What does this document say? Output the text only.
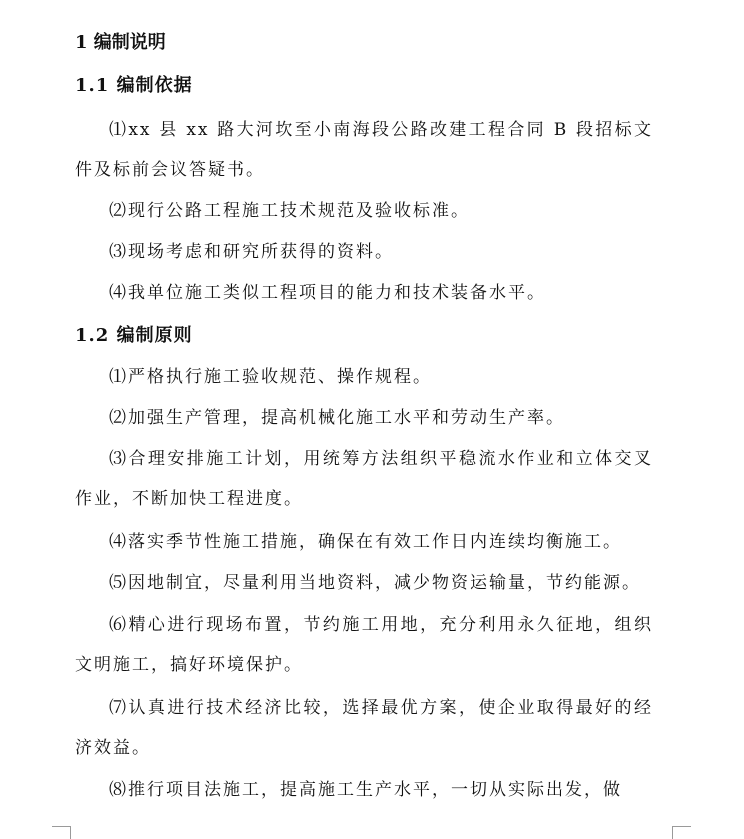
1 编制说明
1.1 编制依据
⑴xx 县 xx 路大河坎至小南海段公路改建工程合同 B 段招标文件及标前会议答疑书。
⑵现行公路工程施工技术规范及验收标准。
⑶现场考虑和研究所获得的资料。
⑷我单位施工类似工程项目的能力和技术装备水平。
1.2 编制原则
⑴严格执行施工验收规范、操作规程。
⑵加强生产管理，提高机械化施工水平和劳动生产率。
⑶合理安排施工计划，用统筹方法组织平稳流水作业和立体交叉作业，不断加快工程进度。
⑷落实季节性施工措施，确保在有效工作日内连续均衡施工。
⑸因地制宜，尽量利用当地资料，减少物资运输量，节约能源。
⑹精心进行现场布置，节约施工用地，充分利用永久征地，组织文明施工，搞好环境保护。
⑺认真进行技术经济比较，选择最优方案，使企业取得最好的经济效益。
⑻推行项目法施工，提高施工生产水平，一切从实际出发，做
